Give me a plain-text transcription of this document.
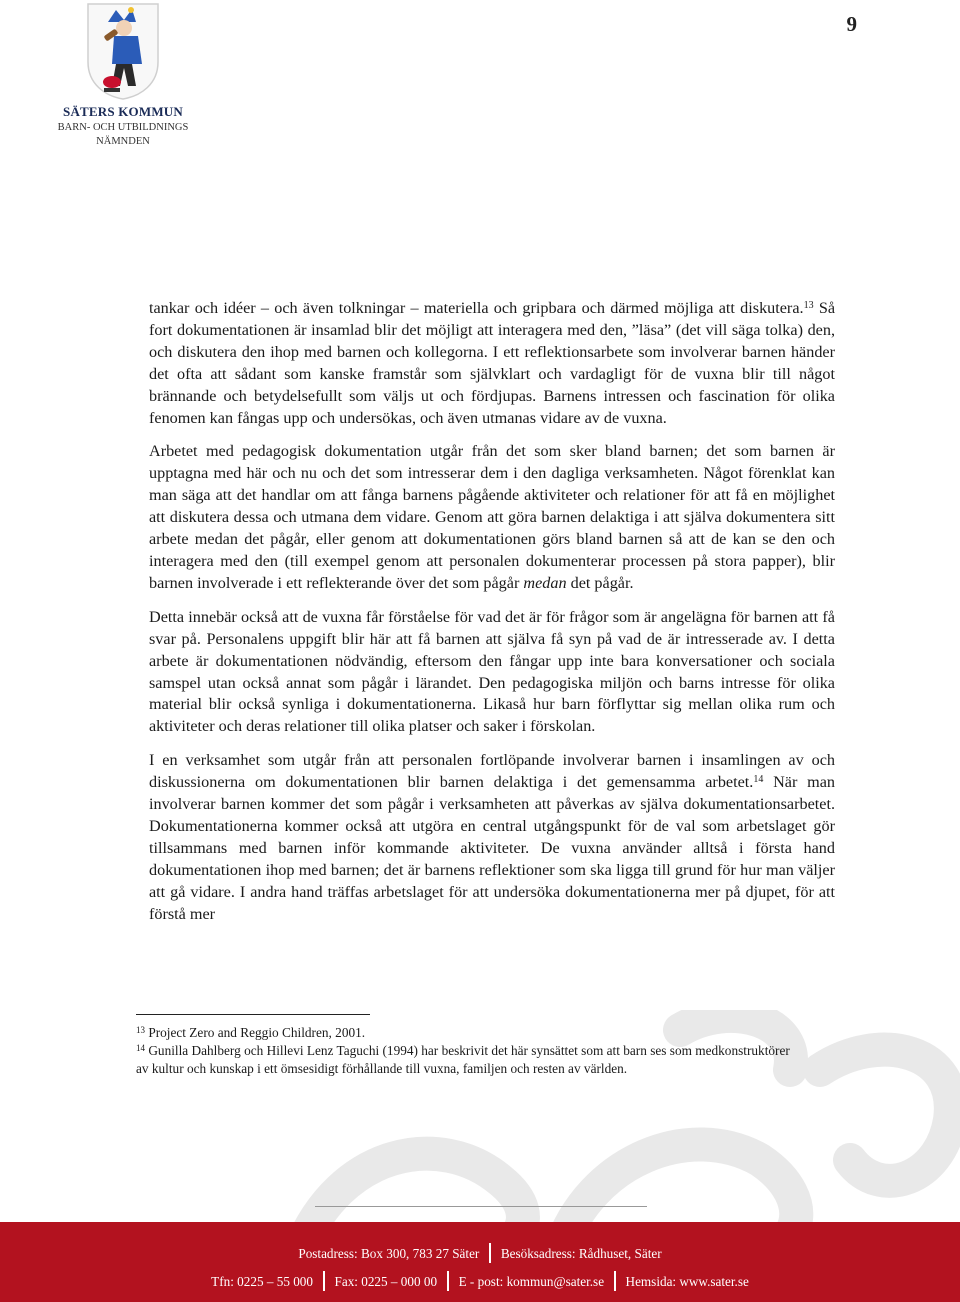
9
SÄTERS KOMMUN
BARN- OCH UTBILDNINGS
NÄMNDEN

tankar och idéer – och även tolkningar – materiella och gripbara och därmed möjliga att diskutera.$^{13}$ Så fort dokumentationen är insamlad blir det möjligt att interagera med den, ”läsa” (det vill säga tolka) den, och diskutera den ihop med barnen och kollegorna. I ett reflektionsarbete som involverar barnen händer det ofta att sådant som kanske framstår som självklart och vardagligt för de vuxna blir till något brännande och betydelsefullt som väljs ut och fördjupas. Barnens intressen och fascination för olika fenomen kan fångas upp och undersökas, och även utmanas vidare av de vuxna.

Arbetet med pedagogisk dokumentation utgår från det som sker bland barnen; det som barnen är upptagna med här och nu och det som intresserar dem i den dagliga verksamheten. Något förenklat kan man säga att det handlar om att fånga barnens pågående aktiviteter och relationer för att få en möjlighet att diskutera dessa och utmana dem vidare. Genom att göra barnen delaktiga i att själva dokumentera sitt arbete medan det pågår, eller genom att dokumentationen görs bland barnen så att de kan se den och interagera med den (till exempel genom att personalen dokumenterar processen på stora papper), blir barnen involverade i ett reflekterande över det som pågår medan det pågår.

Detta innebär också att de vuxna får förståelse för vad det är för frågor som är angelägna för barnen att få svar på. Personalens uppgift blir här att få barnen att själva få syn på vad de är intresserade av. I detta arbete är dokumentationen nödvändig, eftersom den fångar upp inte bara konversationer och sociala samspel utan också annat som pågår i lärandet. Den pedagogiska miljön och barns intresse för olika material blir också synliga i dokumentationerna. Likaså hur barn förflyttar sig mellan olika rum och aktiviteter och deras relationer till olika platser och saker i förskolan.

I en verksamhet som utgår från att personalen fortlöpande involverar barnen i insamlingen av och diskussionerna om dokumentationen blir barnen delaktiga i det gemensamma arbetet.$^{14}$ När man involverar barnen kommer det som pågår i verksamheten att påverkas av själva dokumentationsarbetet. Dokumentationerna kommer också att utgöra en central utgångspunkt för de val som arbetslaget gör tillsammans med barnen inför kommande aktiviteter. De vuxna använder alltså i första hand dokumentationen ihop med barnen; det är barnens reflektioner som ska ligga till grund för hur man väljer att gå vidare. I andra hand träffas arbetslaget för att undersöka dokumentationerna mer på djupet, för att förstå mer

$^{13}$ Project Zero and Reggio Children, 2001.
$^{14}$ Gunilla Dahlberg och Hillevi Lenz Taguchi (1994) har beskrivit det här synsättet som att barn ses som medkonstruktörer
av kultur och kunskap i ett ömsesidigt förhållande till vuxna, familjen och resten av världen.
Postadress: Box 300, 783 27 Säter Besöksadress: Rådhuset, Säter
Tfn: 0225 – 55 000 Fax: 0225 – 000 00 E - post: kommun@sater.se Hemsida: www.sater.se
